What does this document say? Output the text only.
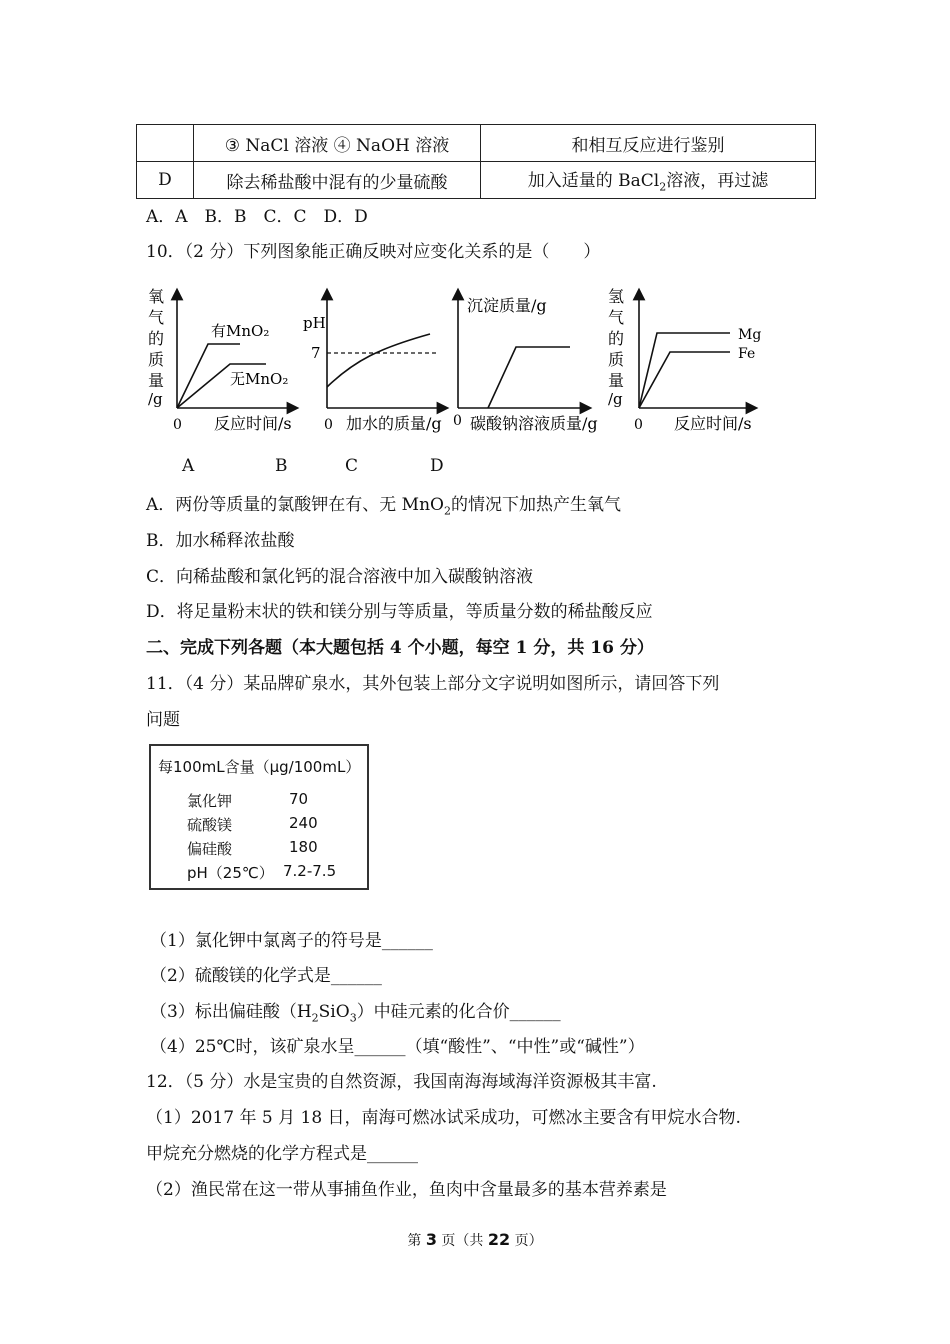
	③ NaCl 溶液 ④ NaOH 溶液	和相互反应进行鉴别
D	除去稀盐酸中混有的少量硫酸	加入适量的 BaCl$_2$溶液，再过滤
A．A　B．B　C．C　D．D
10．（2 分）下列图象能正确反映对应变化关系的是（　　）
氧
气
的
质
量
/g
有MnO₂
无MnO₂
0 反应时间/s
pH
7
0 加水的质量/g
沉淀质量/g
0 碳酸钠溶液质量/g
氢
气
的
质
量
/g
Mg
Fe
0 反应时间/s
A	B	C	D
A．两份等质量的氯酸钾在有、无 MnO$_2$的情况下加热产生氧气
B．加水稀释浓盐酸
C．向稀盐酸和氯化钙的混合溶液中加入碳酸钠溶液
D．将足量粉末状的铁和镁分别与等质量，等质量分数的稀盐酸反应
二、完成下列各题（本大题包括 4 个小题，每空 1 分，共 16 分）
11．（4 分）某品牌矿泉水，其外包装上部分文字说明如图所示，请回答下列
问题
每100mL含量（μg/100mL）
氯化钾	70
硫酸镁	240
偏硅酸	180
pH（25℃） 7.2-7.5
（1）氯化钾中氯离子的符号是______
（2）硫酸镁的化学式是______
（3）标出偏硅酸$(H_2SiO_3)$中硅元素的化合价______
（4）25℃时，该矿泉水呈______（填“酸性”、“中性”或“碱性”）
12．（5 分）水是宝贵的自然资源，我国南海海域海洋资源极其丰富.
（1）2017 年 5 月 18 日，南海可燃冰试采成功，可燃冰主要含有甲烷水合物.
甲烷充分燃烧的化学方程式是______
（2）渔民常在这一带从事捕鱼作业，鱼肉中含量最多的基本营养素是
第 3 页（共 22 页）
